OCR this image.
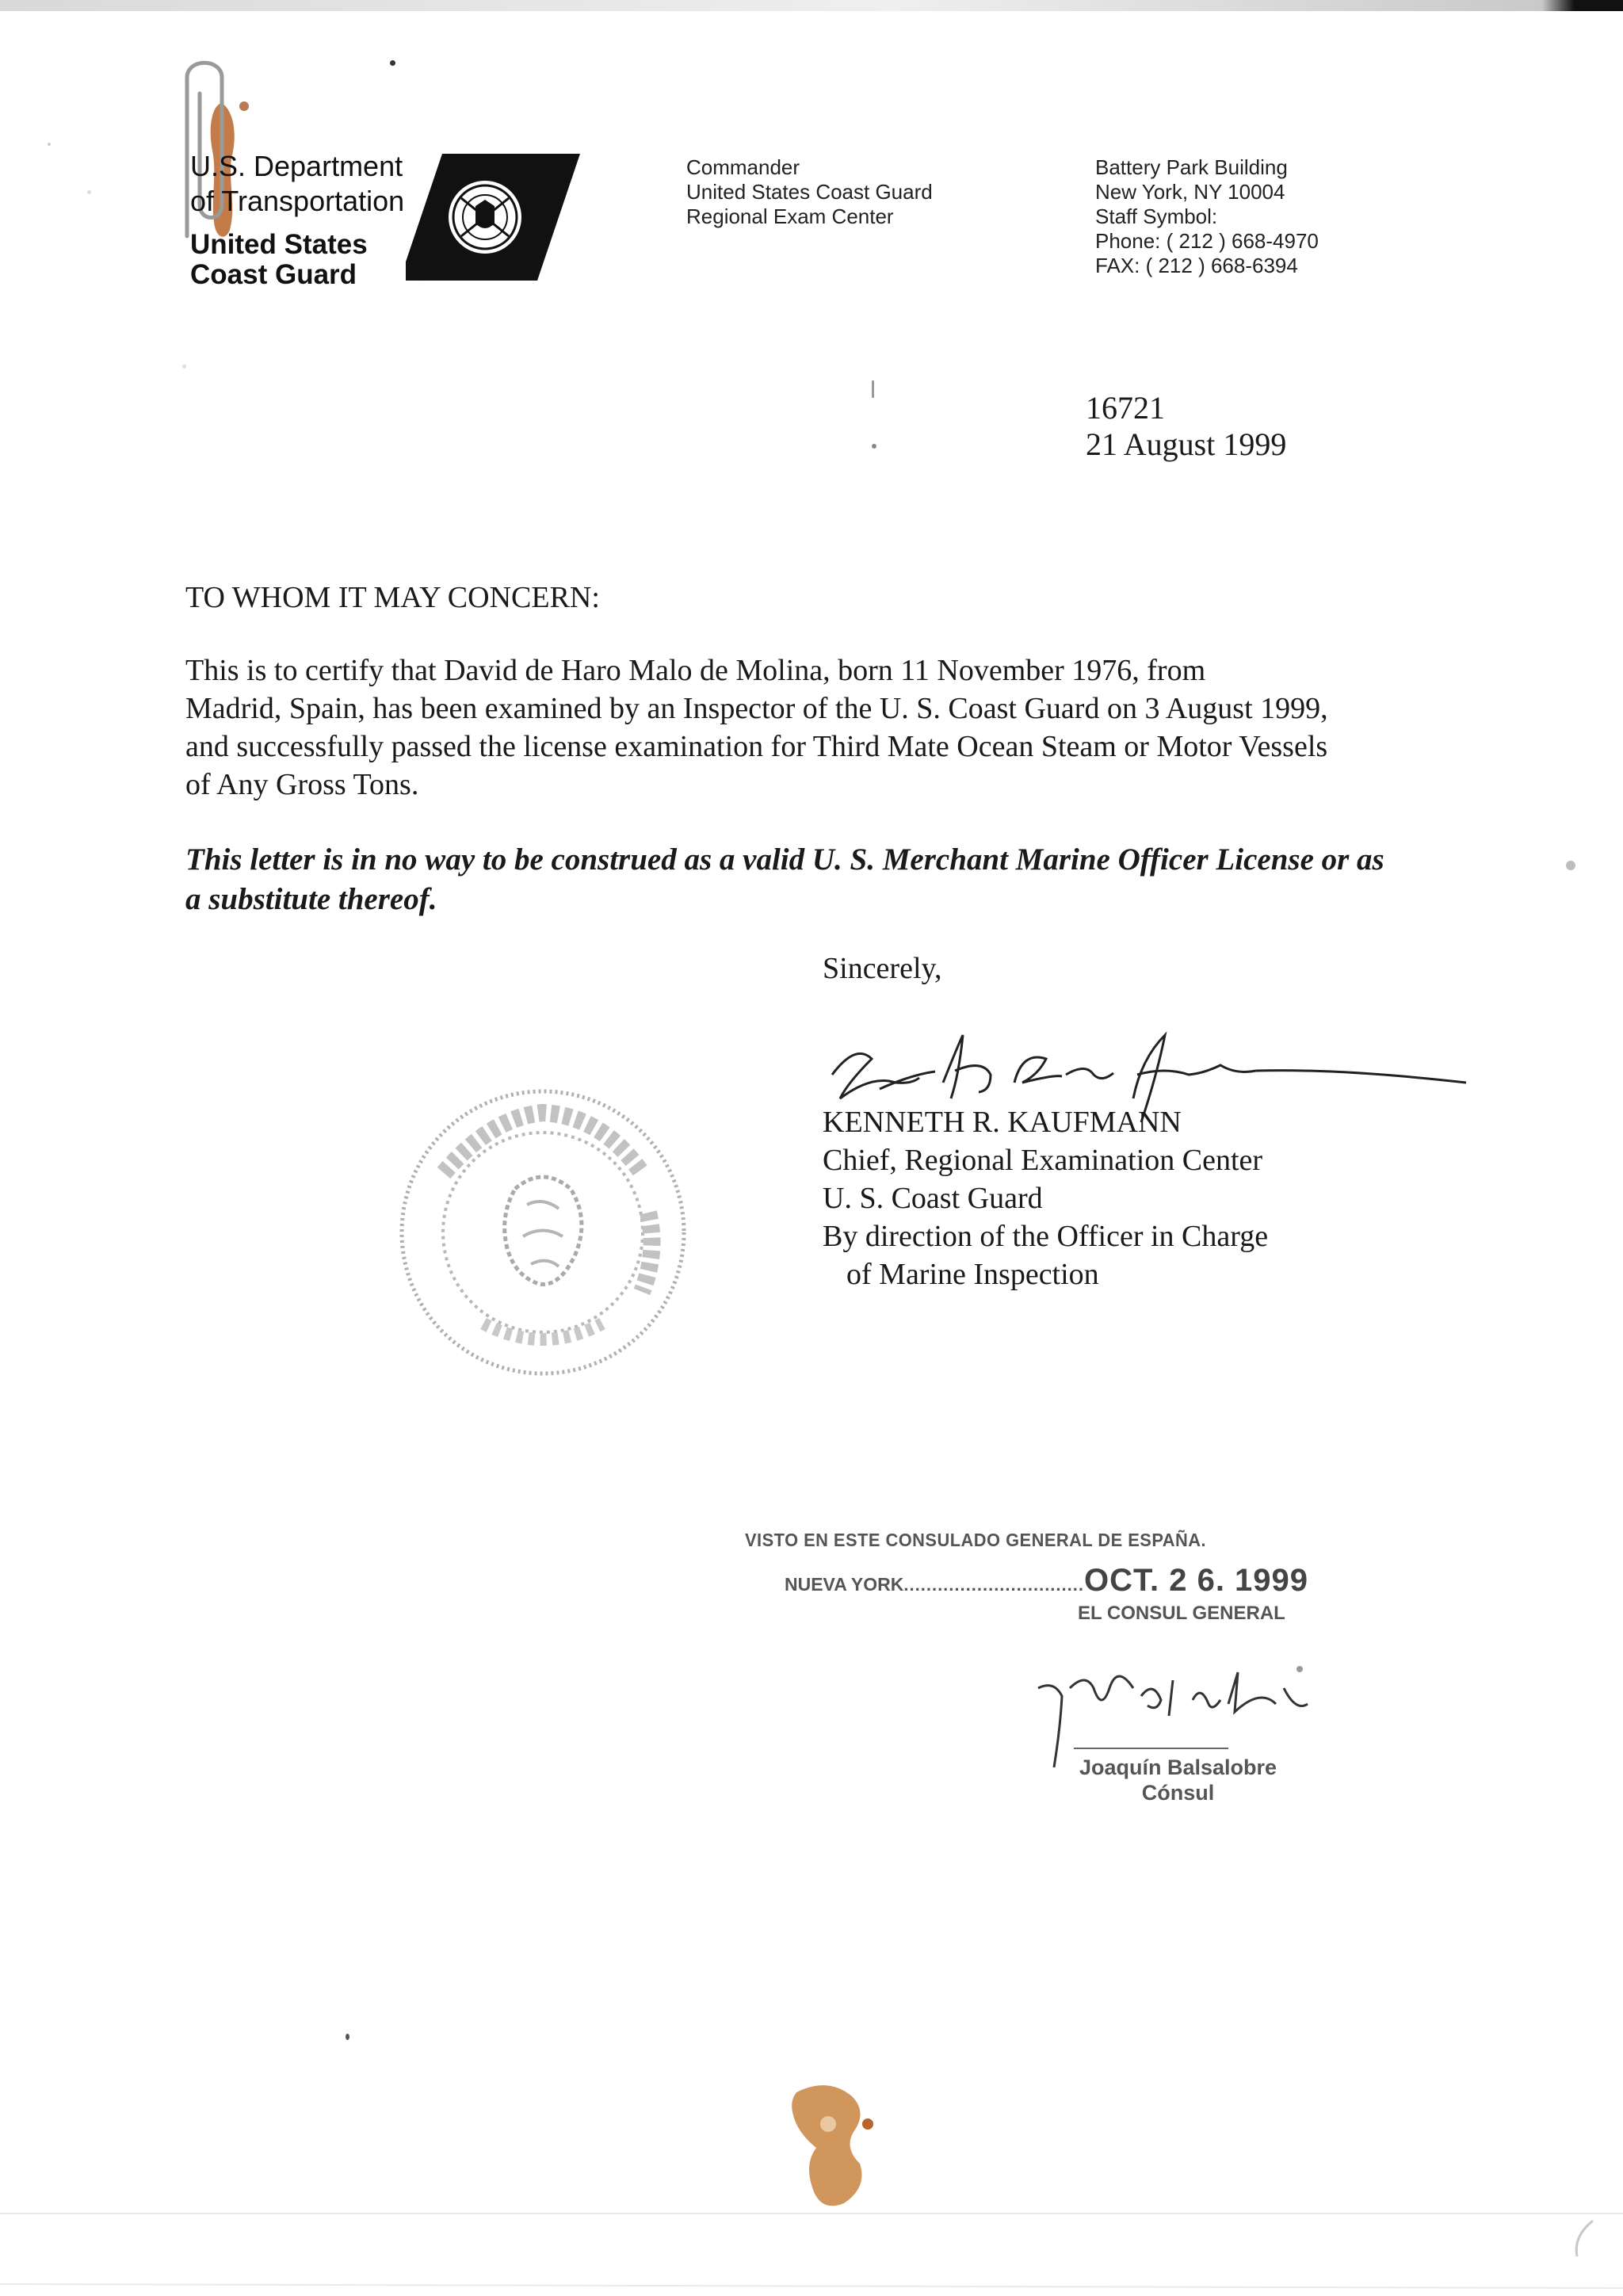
U.S. Department
of Transportation
United States
Coast Guard
Commander
United States Coast Guard
Regional Exam Center
Battery Park Building
New York, NY 10004
Staff Symbol:
Phone: ( 212 ) 668-4970
FAX: ( 212 ) 668-6394
16721
21 August 1999
TO WHOM IT MAY CONCERN:
This is to certify that David de Haro Malo de Molina, born 11 November 1976, from
Madrid, Spain, has been examined by an Inspector of the U. S. Coast Guard on 3 August 1999,
and successfully passed the license examination for Third Mate Ocean Steam or Motor Vessels
of Any Gross Tons.
This letter is in no way to be construed as a valid U. S. Merchant Marine Officer License or as
a substitute thereof.
Sincerely,
KENNETH R. KAUFMANN
Chief, Regional Examination Center
U. S. Coast Guard
By direction of the Officer in Charge
of Marine Inspection
VISTO EN ESTE CONSULADO GENERAL DE ESPAÑA.
NUEVA YORK................................OCT. 2 6. 1999
EL CONSUL GENERAL
Joaquín Balsalobre
Cónsul
